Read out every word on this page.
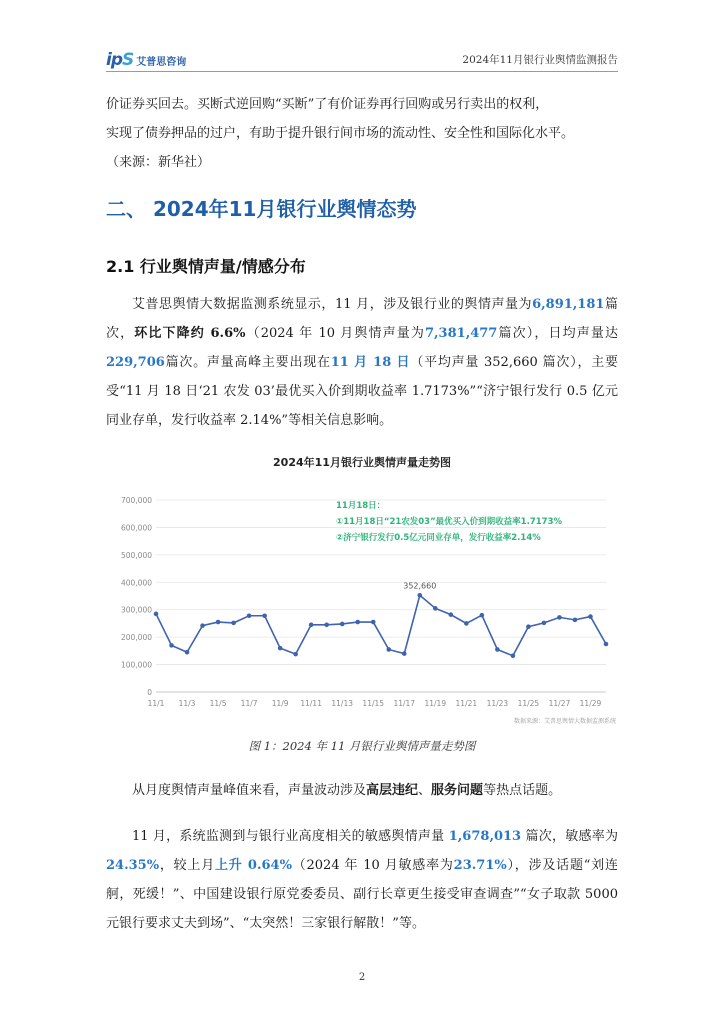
ipS 艾普思咨询	2024年11月银行业舆情监测报告

价证券买回去。买断式逆回购“买断”了有价证券再行回购或另行卖出的权利，
实现了债券押品的过户，有助于提升银行间市场的流动性、安全性和国际化水平。
（来源：新华社）

二、 2024年11月银行业舆情态势
2.1 行业舆情声量/情感分布

艾普思舆情大数据监测系统显示，11 月，涉及银行业的舆情声量为6,891,181篇次，环比下降约 6.6%（2024 年 10 月舆情声量为7,381,477篇次），日均声量达229,706篇次。声量高峰主要出现在11 月 18 日（平均声量 352,660 篇次），主要受“11 月 18 日‘21 农发 03’最优买入价到期收益率 1.7173%”“济宁银行发行 0.5 亿元同业存单，发行收益率 2.14%”等相关信息影响。

2024年11月银行业舆情声量走势图
0
100,000
200,000
300,000
400,000
500,000
600,000
700,000
11/1 11/3 11/5 11/7 11/9 11/11 11/13 11/15 11/17 11/19 11/21 11/23 11/25 11/27 11/29
352,660
11月18日：
①11月18日“21农发03”最优买入价到期收益率1.7173%
②济宁银行发行0.5亿元同业存单，发行收益率2.14%
数据来源：艾普思舆情大数据监测系统
图 1：2024 年 11 月银行业舆情声量走势图

从月度舆情声量峰值来看，声量波动涉及高层违纪、服务问题等热点话题。

11 月，系统监测到与银行业高度相关的敏感舆情声量 1,678,013 篇次，敏感率为24.35%，较上月上升 0.64%（2024 年 10 月敏感率为23.71%），涉及话题“刘连舸，死缓！”、中国建设银行原党委委员、副行长章更生接受审查调查”“女子取款 5000 元银行要求丈夫到场”、“太突然！三家银行解散！”等。

2
